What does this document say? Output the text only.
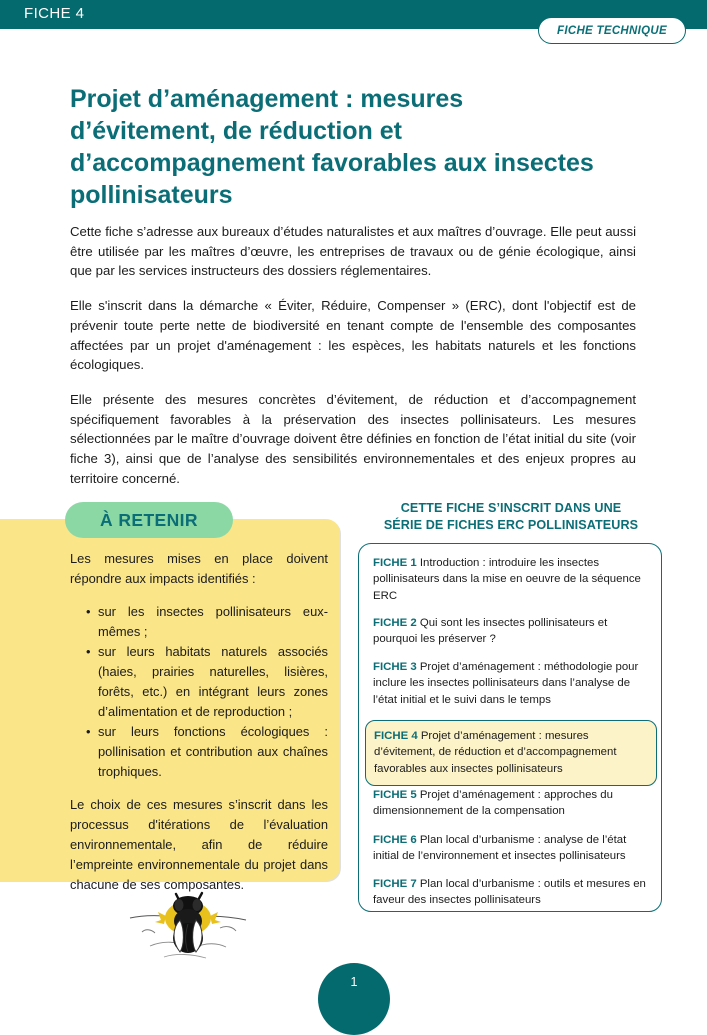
FICHE 4
FICHE TECHNIQUE
Projet d’aménagement : mesures d’évitement, de réduction et d’accompagnement favorables aux insectes pollinisateurs

Cette fiche s’adresse aux bureaux d’études naturalistes et aux maîtres d’ouvrage. Elle peut aussi être utilisée par les maîtres d’œuvre, les entreprises de travaux ou de génie écologique, ainsi que par les services instructeurs des dossiers réglementaires.

Elle s'inscrit dans la démarche « Éviter, Réduire, Compenser » (ERC), dont l'objectif est de prévenir toute perte nette de biodiversité en tenant compte de l'ensemble des composantes affectées par un projet d'aménagement : les espèces, les habitats naturels et les fonctions écologiques.

Elle présente des mesures concrètes d’évitement, de réduction et d’accompagnement spécifiquement favorables à la préservation des insectes pollinisateurs. Les mesures sélectionnées par le maître d’ouvrage doivent être définies en fonction de l’état initial du site (voir fiche 3), ainsi que de l’analyse des sensibilités environnementales et des enjeux propres au territoire concerné.

À RETENIR

Les mesures mises en place doivent répondre aux impacts identifiés :

• sur les insectes pollinisateurs eux-mêmes ;
• sur leurs habitats naturels associés (haies, prairies naturelles, lisières, forêts, etc.) en intégrant leurs zones d’alimentation et de reproduction ;
• sur leurs fonctions écologiques : pollinisation et contribution aux chaînes trophiques.

Le choix de ces mesures s’inscrit dans les processus d'itérations de l’évaluation environnementale, afin de réduire l’empreinte environnementale du projet dans chacune de ses composantes.

CETTE FICHE S’INSCRIT DANS UNE
SÉRIE DE FICHES ERC POLLINISATEURS
FICHE 1 Introduction : introduire les insectes pollinisateurs dans la mise en oeuvre de la séquence ERC
FICHE 2 Qui sont les insectes pollinisateurs et pourquoi les préserver ?
FICHE 3 Projet d’aménagement : méthodologie pour inclure les insectes pollinisateurs dans l’analyse de l’état initial et le suivi dans le temps
FICHE 4 Projet d’aménagement : mesures d’évitement, de réduction et d’accompagnement favorables aux insectes pollinisateurs
FICHE 5 Projet d’aménagement : approches du dimensionnement de la compensation
FICHE 6 Plan local d’urbanisme : analyse de l’état initial de l’environnement et insectes pollinisateurs
FICHE 7 Plan local d’urbanisme : outils et mesures en faveur des insectes pollinisateurs
1
